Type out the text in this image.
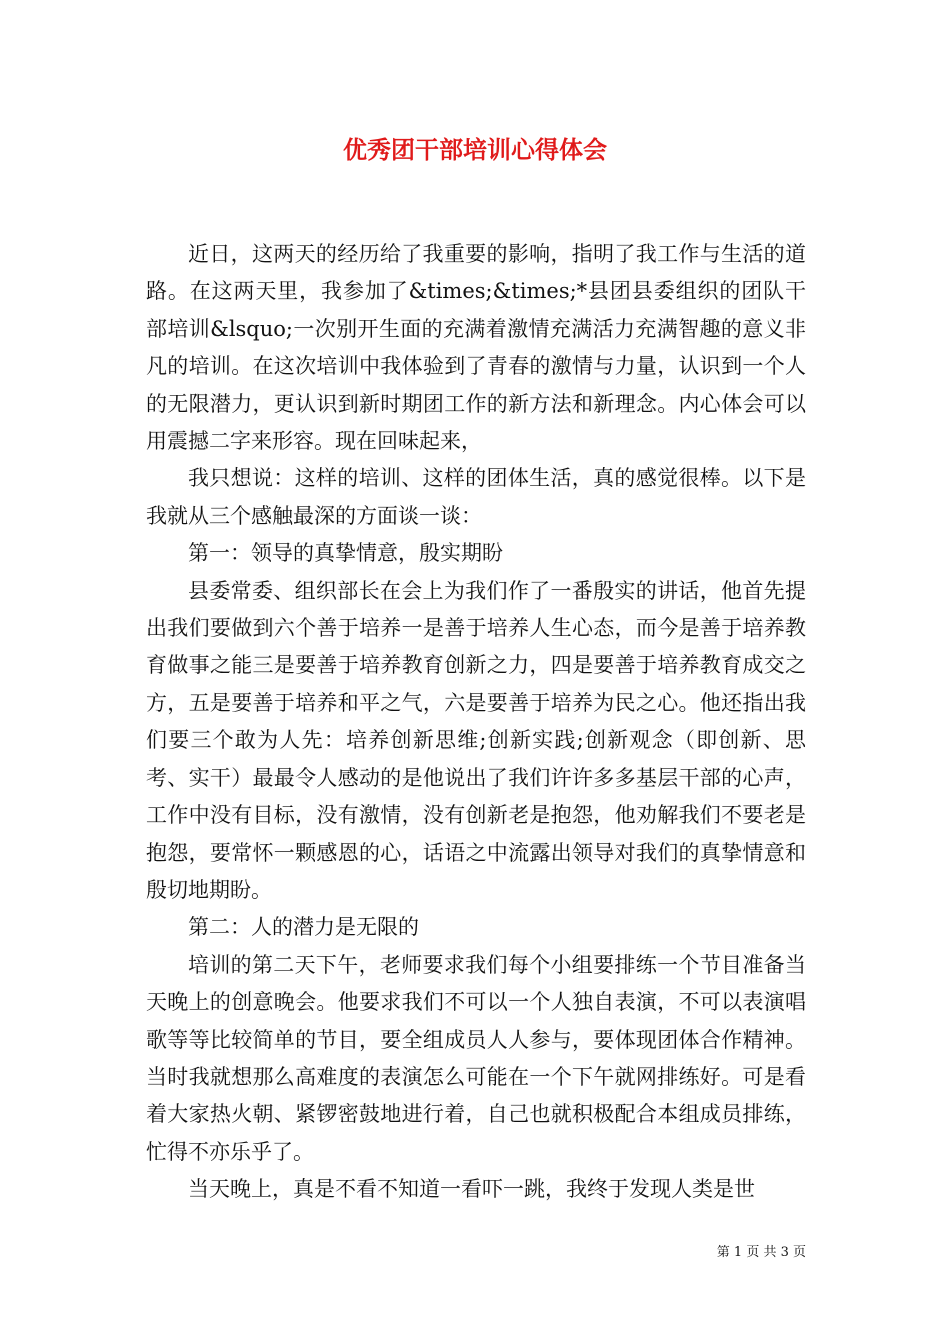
优秀团干部培训心得体会

近日，这两天的经历给了我重要的影响，指明了我工作与生活的道路。在这两天里，我参加了&times;&times;*县团县委组织的团队干部培训&lsquo;一次别开生面的充满着激情充满活力充满智趣的意义非凡的培训。在这次培训中我体验到了青春的激情与力量，认识到一个人的无限潜力，更认识到新时期团工作的新方法和新理念。内心体会可以用震撼二字来形容。现在回味起来，

我只想说：这样的培训、这样的团体生活，真的感觉很棒。以下是我就从三个感触最深的方面谈一谈：

第一：领导的真挚情意，殷实期盼

县委常委、组织部长在会上为我们作了一番殷实的讲话，他首先提出我们要做到六个善于培养一是善于培养人生心态，而今是善于培养教育做事之能三是要善于培养教育创新之力，四是要善于培养教育成交之方，五是要善于培养和平之气，六是要善于培养为民之心。他还指出我们要三个敢为人先：培养创新思维;创新实践;创新观念（即创新、思考、实干）最最令人感动的是他说出了我们许许多多基层干部的心声，工作中没有目标，没有激情，没有创新老是抱怨，他劝解我们不要老是抱怨，要常怀一颗感恩的心，话语之中流露出领导对我们的真挚情意和殷切地期盼。

第二：人的潜力是无限的

培训的第二天下午，老师要求我们每个小组要排练一个节目准备当天晚上的创意晚会。他要求我们不可以一个人独自表演，不可以表演唱歌等等比较简单的节目，要全组成员人人参与，要体现团体合作精神。当时我就想那么高难度的表演怎么可能在一个下午就网排练好。可是看着大家热火朝、紧锣密鼓地进行着，自己也就积极配合本组成员排练，忙得不亦乐乎了。

当天晚上，真是不看不知道一看吓一跳，我终于发现人类是世

第 1 页 共 3 页
